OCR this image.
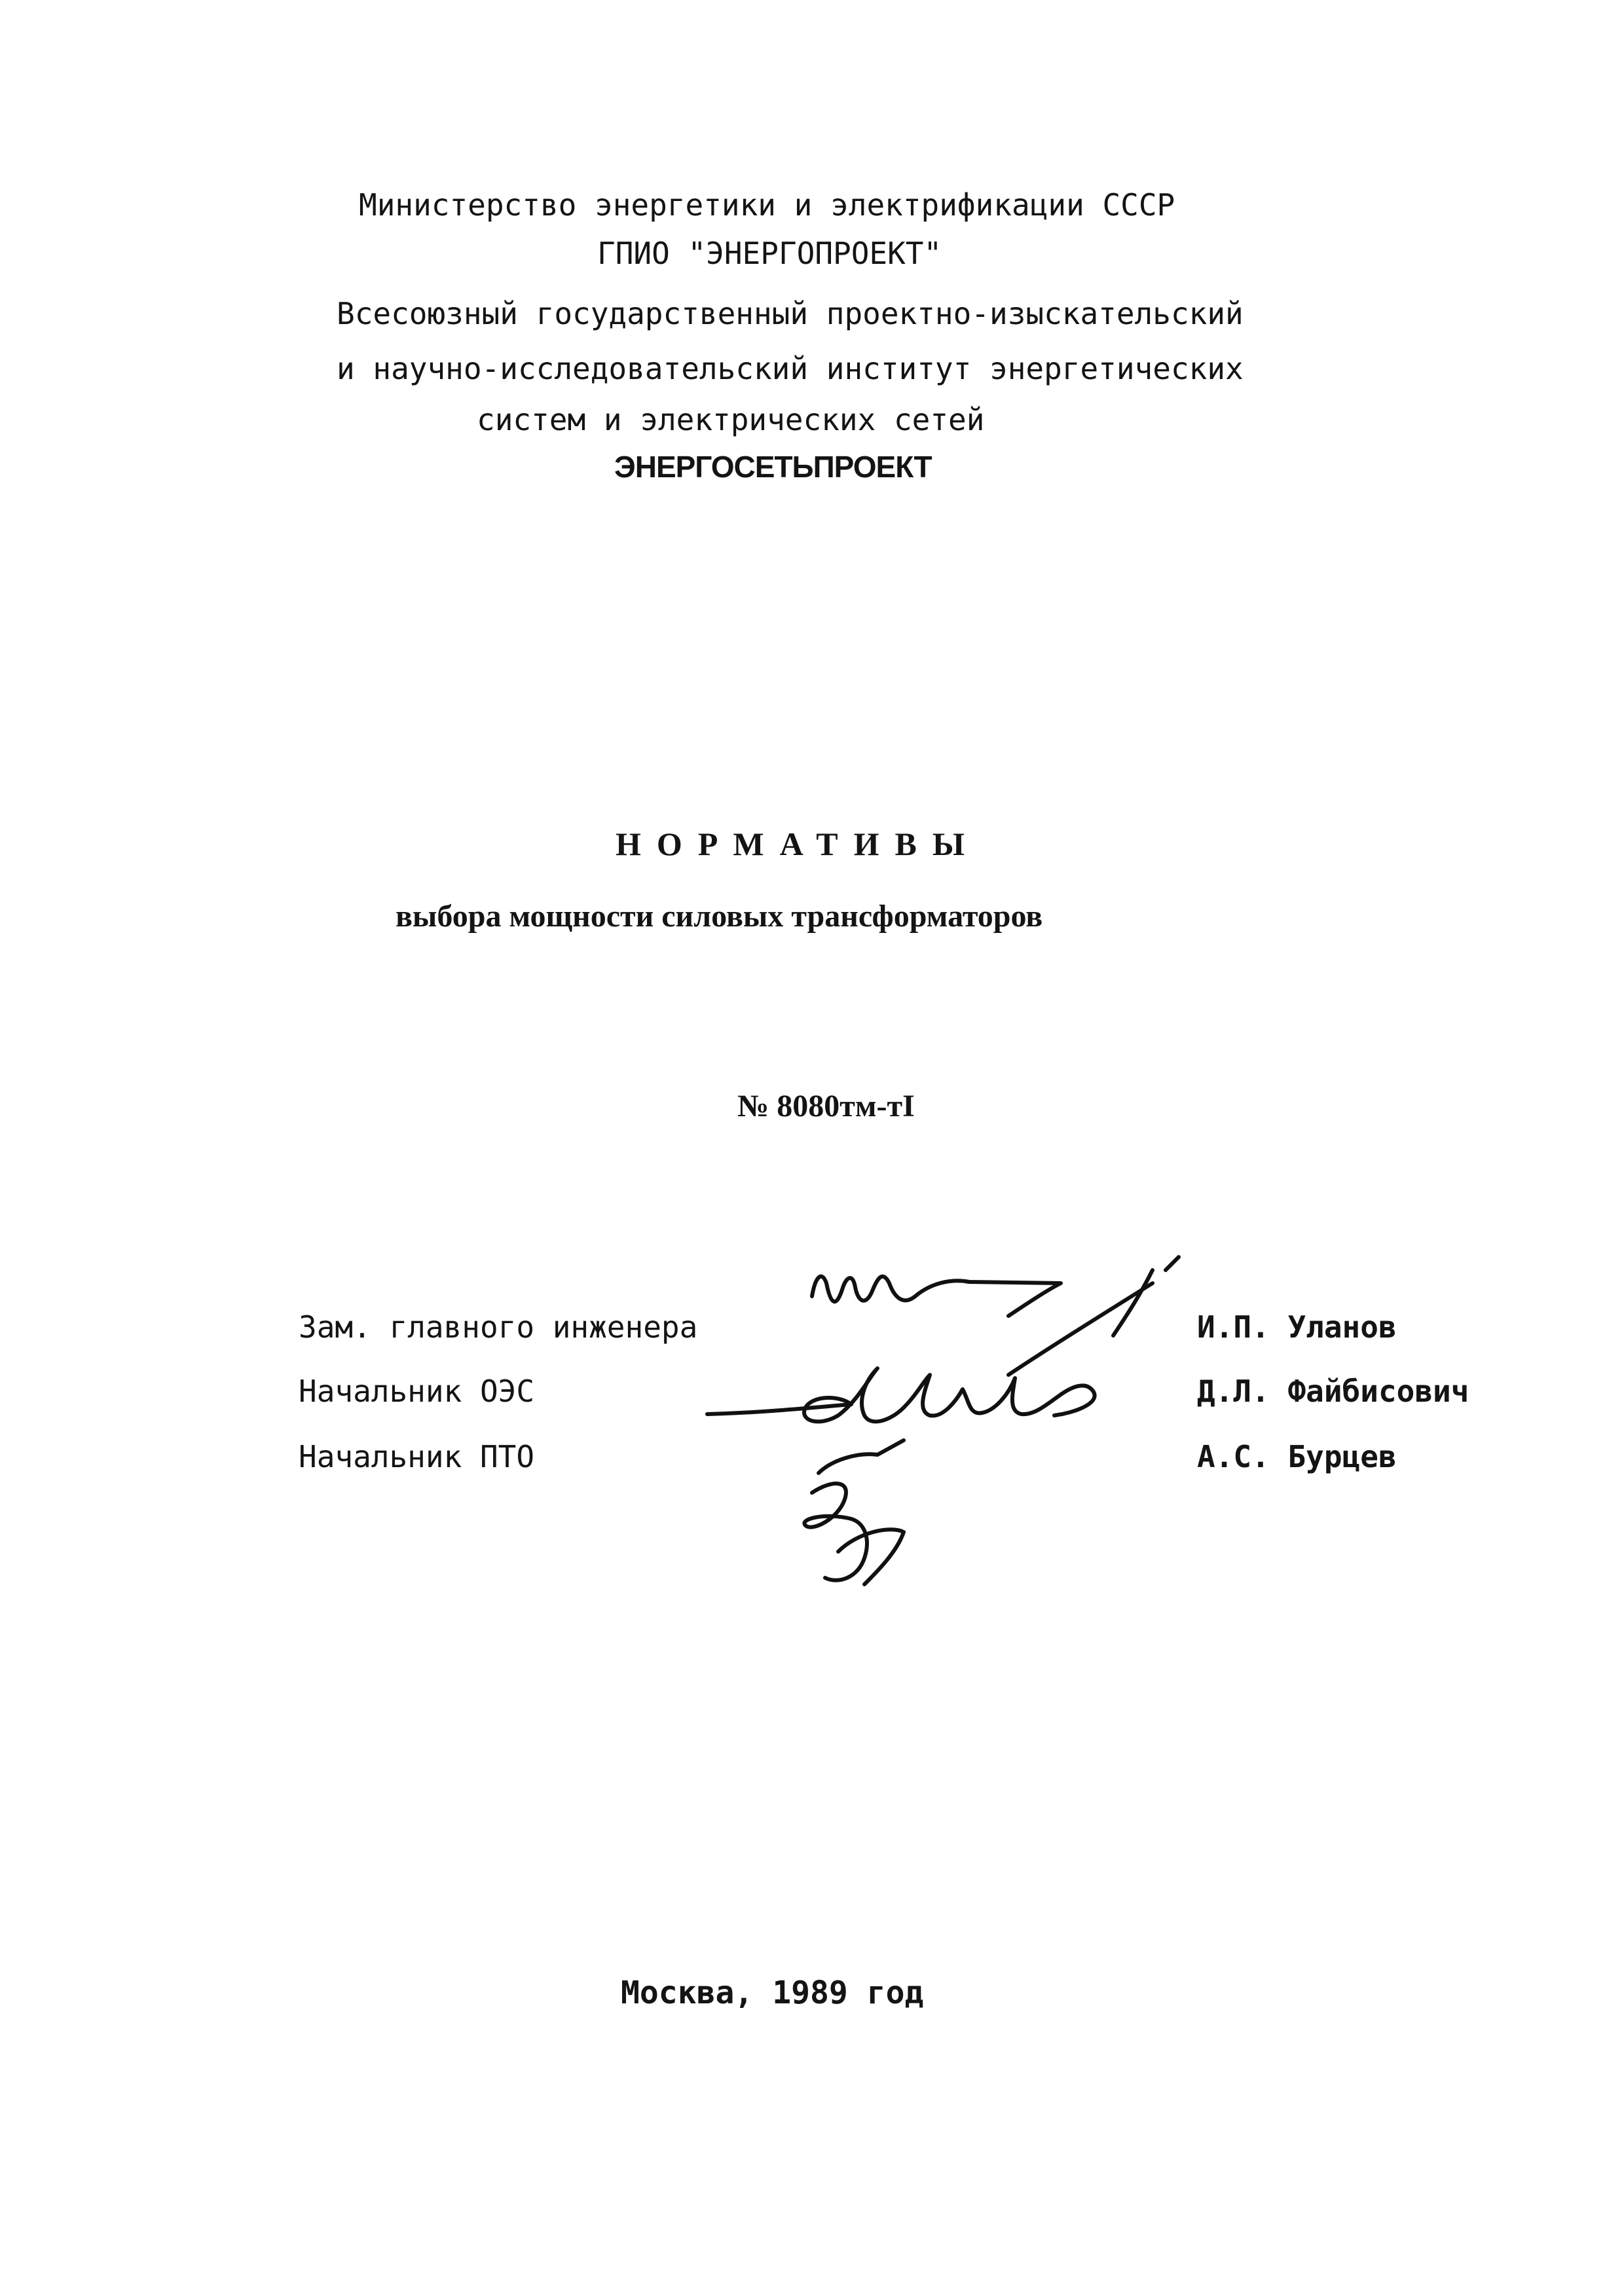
Министерство энергетики и электрификации СССР
ГПИО "ЭНЕРГОПРОЕКТ"
Всесоюзный государственный проектно-изыскательский
и научно-исследовательский институт энергетических
систем и электрических сетей
ЭНЕРГОСЕТЬПРОЕКТ
НОРМАТИВЫ
выбора мощности силовых трансформаторов
№ 8080тм-тI
Зам. главного инженера
Начальник ОЭС
Начальник ПТО
И.П. Уланов
Д.Л. Файбисович
А.С. Бурцев
Москва, 1989 год
